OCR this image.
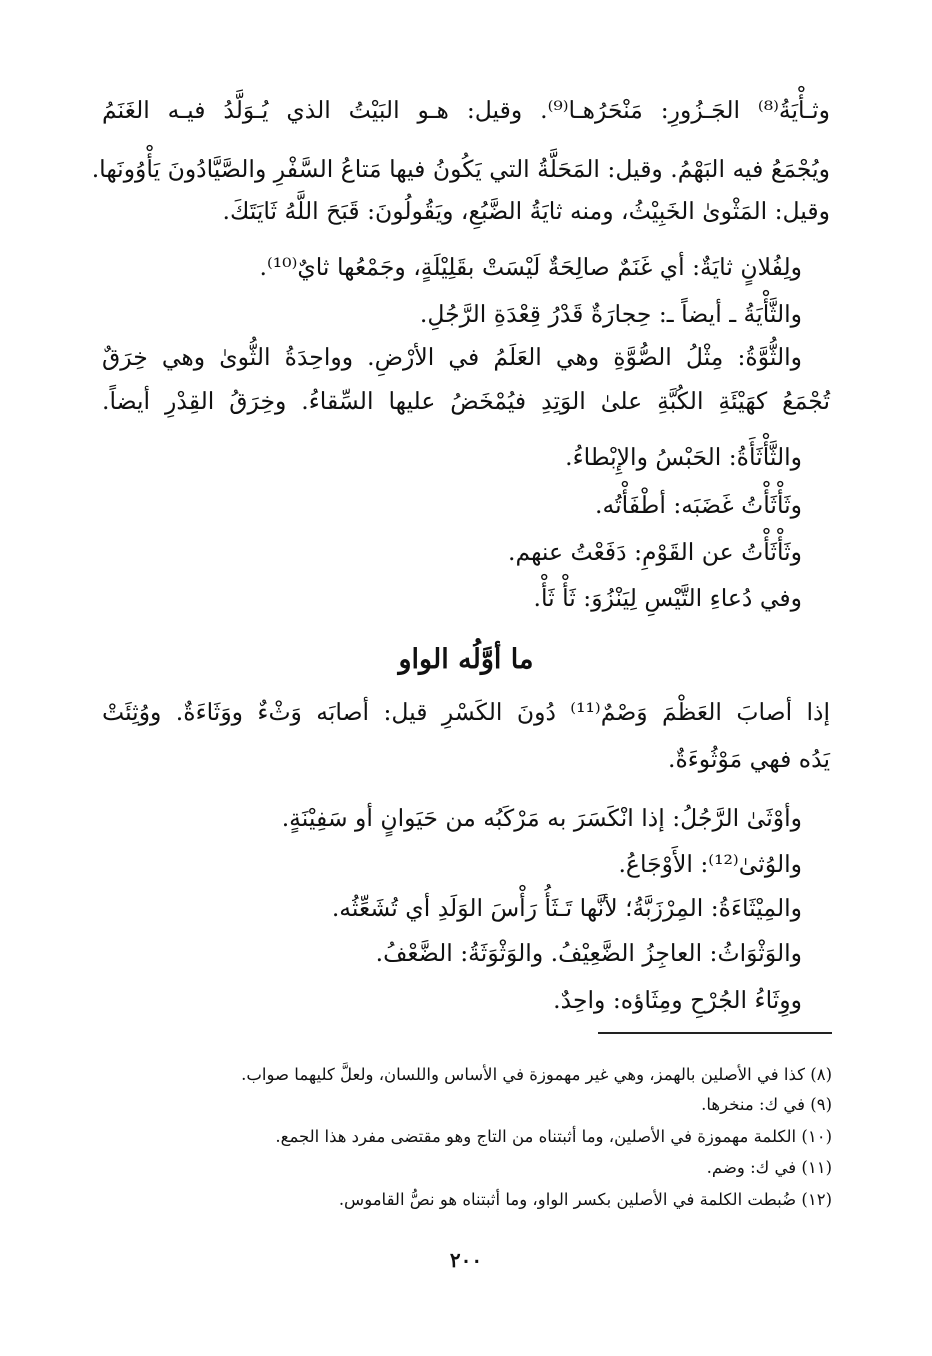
وثـأْيَةُ⁽⁸⁾ الجَـزُورِ: مَنْحَرُهـا⁽⁹⁾. وقيل: هـو البَيْتُ الذي يُـوَلَّدُ فيـه الغَنَمُ
ويُجْمَعُ فيه البَهْمُ. وقيل: المَحَلَّةُ التي يَكُونُ فيها مَتاعُ السَّفْرِ والصَّيَّادُونَ يَأْوُونَها.
وقيل: المَثْوىٰ الخَبِيْثُ، ومنه ثايَةُ الضَّبُعِ، ويَقُولُونَ: قَبَحَ اللَّهُ ثَايَتَكَ.
ولِفُلانٍ ثايَةٌ: أي غَنَمٌ صالِحَةٌ لَيْسَتْ بقَلِيْلَةٍ، وجَمْعُها ثايٌ⁽¹⁰⁾.
والثَّأْيَةُ ـ أيضاً ـ: حِجارَةٌ قَدْرُ قِعْدَةِ الرَّجُلِ.
والثُّوَّةُ: مِثْلُ الصُّوَّةِ وهي العَلَمُ في الأرْضِ. وواحِدَةُ الثُّوىٰ وهي خِرَقٌ
تُجْمَعُ كهَيْئَةِ الكُبَّةِ علىٰ الوَتِدِ فيُمْخَضُ عليها السِّقاءُ. وخِرَقُ القِدْرِ أيضاً.
والثَّأْثَأَةُ: الحَبْسُ والإِبْطاءُ.
وثَأْثَأْتُ غَضَبَه: أطْفَأْتُه.
وثَأْثَأْتُ عن القَوْمِ: دَفَعْتُ عنهم.
وفي دُعاءِ التَّيْسِ لِيَنْزُوَ: ثَأْ ثَأْ.
ما أوَّلُه الواو
إذا أصابَ العَظْمَ وَصْمٌ⁽¹¹⁾ دُونَ الكَسْرِ قيل: أصابَه وَثْءٌ ووَثَاءَةٌ. ووُثِئَتْ
يَدُه فهي مَوْثُوءَةٌ.
وأوْثَىٰ الرَّجُلُ: إذا انْكَسَرَ به مَرْكَبُه من حَيَوانٍ أو سَفِيْنَةٍ.
والوُثىٰ⁽¹²⁾: الأَوْجَاعُ.
والمِيْثَاءَةُ: المِرْزَبَّةُ؛ لأنَّها تَـثَأُ رَأْسَ الوَلَدِ أي تُشَعِّثُه.
والوَثْوَاثُ: العاجِزُ الضَّعِيْفُ. والوَثْوَثَةُ: الضَّعْفُ.
ووِثَاءُ الجُرْحِ ومِثَاؤه: واحِدٌ.
(٨) كذا في الأصلين بالهمز، وهي غير مهموزة في الأساس واللسان، ولعلَّ كليهما صواب.
(٩) في ك: منخرها.
(١٠) الكلمة مهموزة في الأصلين، وما أثبتناه من التاج وهو مقتضى مفرد هذا الجمع.
(١١) في ك: وضم.
(١٢) ضُبطت الكلمة في الأصلين بكسر الواو، وما أثبتناه هو نصُّ القاموس.
٢٠٠
